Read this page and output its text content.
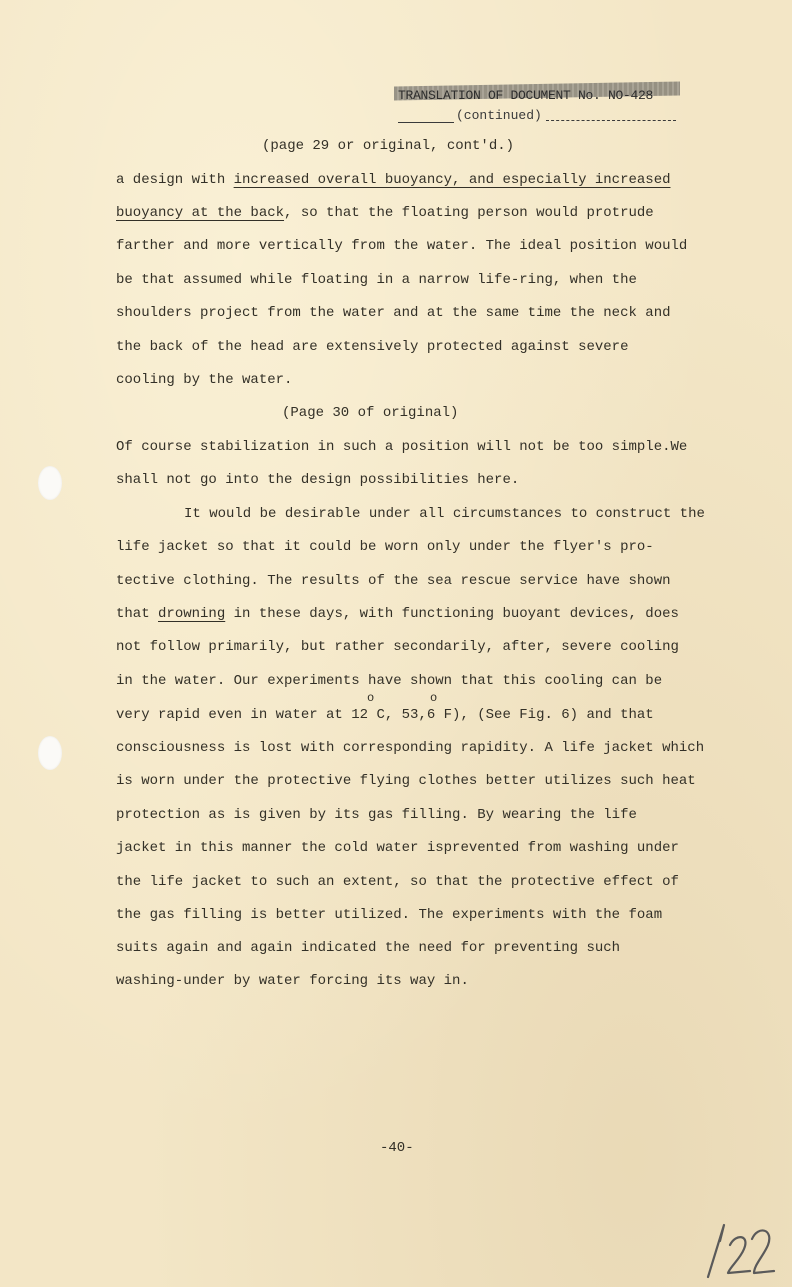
TRANSLATION OF DOCUMENT No. NO-428
(continued)
(page 29 or original, cont'd.)
a design with increased overall buoyancy, and especially increased
buoyancy at the back, so that the floating person would protrude
farther and more vertically from the water. The ideal position would
be that assumed while floating in a narrow life-ring, when the
shoulders project from the water and at the same time the neck and
the back of the head are extensively protected against severe
cooling by the water.
(Page 30 of original)
Of course stabilization in such a position will not be too simple.We
shall not go into the design possibilities here.
It would be desirable under all circumstances to construct the
life jacket so that it could be worn only under the flyer's pro-
tective clothing. The results of the sea rescue service have shown
that drowning in these days, with functioning buoyant devices, does
not follow primarily, but rather secondarily, after, severe cooling
in the water. Our experiments have shown that this cooling can be
o	o
very rapid even in water at 12 C, 53,6 F), (See Fig. 6) and that
consciousness is lost with corresponding rapidity. A life jacket which
is worn under the protective flying clothes better utilizes such heat
protection as is given by its gas filling. By wearing the life
jacket in this manner the cold water isprevented from washing under
the life jacket to such an extent, so that the protective effect of
the gas filling is better utilized. The experiments with the foam
suits again and again indicated the need for preventing such
washing-under by water forcing its way in.
-40-
